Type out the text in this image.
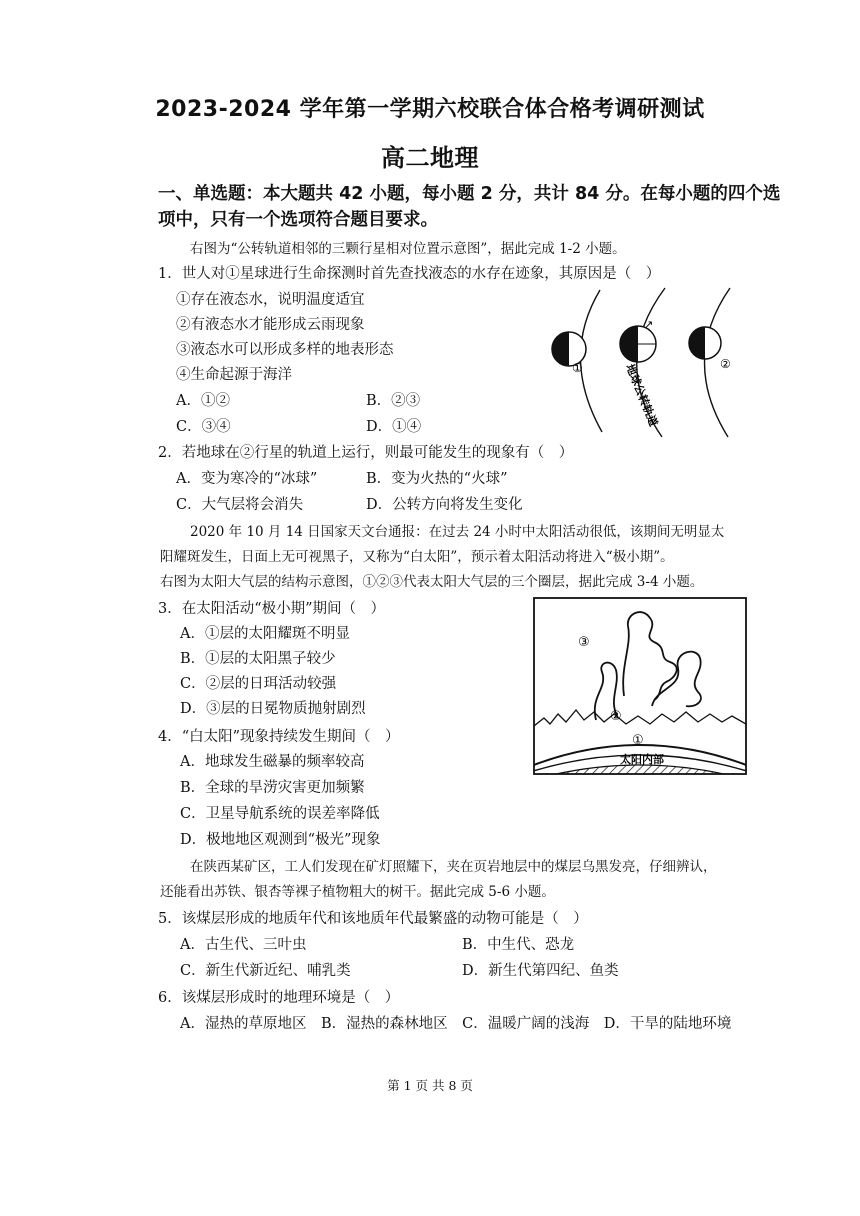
2023-2024 学年第一学期六校联合体合格考调研测试
高二地理
一、单选题：本大题共 42 小题，每小题 2 分，共计 84 分。在每小题的四个选
项中，只有一个选项符合题目要求。
右图为“公转轨道相邻的三颗行星相对位置示意图”，据此完成 1-2 小题。
1．世人对①星球进行生命探测时首先查找液态的水存在迹象，其原因是（　）
①存在液态水，说明温度适宜
②有液态水才能形成云雨现象
③液态水可以形成多样的地表形态
④生命起源于海洋
A．①②	B．②③
C．③④	D．①④
①	②
↗
地球公转轨道
2．若地球在②行星的轨道上运行，则最可能发生的现象有（　）
A．变为寒冷的“冰球”	B．变为火热的“火球”
C．大气层将会消失	D．公转方向将发生变化
2020 年 10 月 14 日国家天文台通报：在过去 24 小时中太阳活动很低，该期间无明显太
阳耀斑发生，日面上无可视黑子，又称为“白太阳”，预示着太阳活动将进入“极小期”。
右图为太阳大气层的结构示意图，①②③代表太阳大气层的三个圈层，据此完成 3-4 小题。
3．在太阳活动“极小期”期间（　）
A．①层的太阳耀斑不明显
B．①层的太阳黑子较少
C．②层的日珥活动较强
D．③层的日冕物质抛射剧烈
③
②
①
太阳内部
4．“白太阳”现象持续发生期间（　）
A．地球发生磁暴的频率较高
B．全球的旱涝灾害更加频繁
C．卫星导航系统的误差率降低
D．极地地区观测到“极光”现象
在陕西某矿区，工人们发现在矿灯照耀下，夹在页岩地层中的煤层乌黑发亮，仔细辨认，
还能看出苏铁、银杏等裸子植物粗大的树干。据此完成 5-6 小题。
5．该煤层形成的地质年代和该地质年代最繁盛的动物可能是（　）
A．古生代、三叶虫	B．中生代、恐龙
C．新生代新近纪、哺乳类	D．新生代第四纪、鱼类
6．该煤层形成时的地理环境是（　）
A．湿热的草原地区　B．湿热的森林地区　C．温暖广阔的浅海　D．干旱的陆地环境
第 1 页 共 8 页
